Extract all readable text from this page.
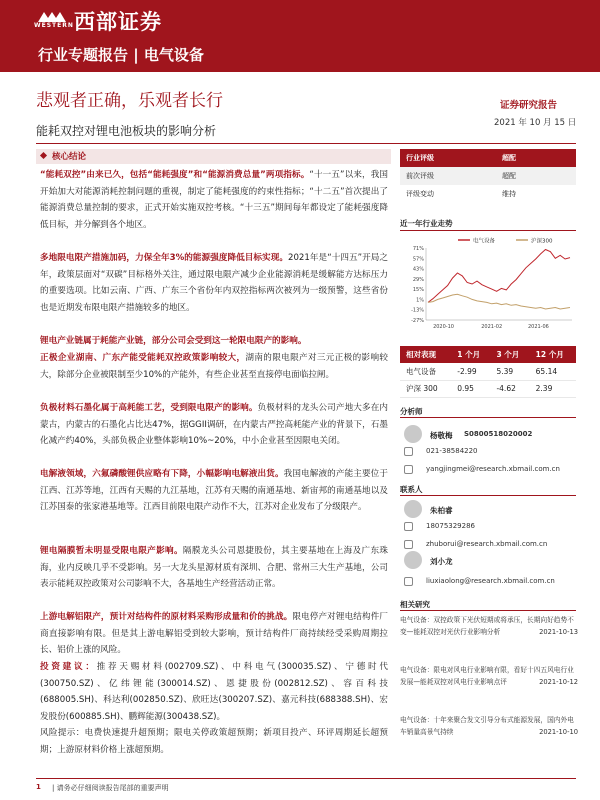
WESTERN 西部证券
行业专题报告 | 电气设备
悲观者正确，乐观者长行
能耗双控对锂电池板块的影响分析
证券研究报告
2021 年 10 月 15 日
核心结论
“能耗双控”由来已久，包括“能耗强度”和“能源消费总量”两项指标。“十一五”以来，我国开始加大对能源消耗控制问题的重视，制定了能耗强度的约束性指标；“十二五”首次提出了能源消费总量控制的要求，正式开始实施双控考核。“十三五”期间每年都设定了能耗强度降低目标，并分解到各个地区。
多地限电限产措施加码，力保全年3%的能源强度降低目标实现。2021年是“十四五”开局之年，政策层面对“双碳”目标格外关注，通过限电限产减少企业能源消耗是缓解能方达标压力的重要选项。比如云南、广西、广东三个省份年内双控指标两次被列为一级预警，这些省份也是近期发布限电限产措施较多的地区。
锂电产业链属于耗能产业链，部分公司会受到这一轮限电限产的影响。
正极企业湖南、广东产能受能耗双控政策影响较大，湖南的限电限产对三元正极的影响较大，除部分企业被限制至少10%的产能外，有些企业甚至直接停电面临拉闸。
负极材料石墨化属于高耗能工艺，受到限电限产的影响。负极材料的龙头公司产地大多在内蒙古，内蒙古的石墨化占比达47%，据GGII调研，在内蒙古严控高耗能产业的背景下，石墨化减产约40%，头部负极企业整体影响10%~20%，中小企业甚至因限电关闭。
电解液领域，六氟磷酸锂供应略有下降，小幅影响电解液出货。我国电解液的产能主要位于江西、江苏等地，江西有天赐的九江基地，江苏有天赐的南通基地、新宙邦的南通基地以及江苏国泰的张家港基地等。江西目前限电限产动作不大，江苏对企业发布了分级限产。
锂电隔膜暂未明显受限电限产影响。隔膜龙头公司恩捷股份，其主要基地在上海及广东珠海，业内反映几乎不受影响。另一大龙头星源材质有深圳、合肥、常州三大生产基地，公司表示能耗双控政策对公司影响不大，各基地生产经营活动正常。
上游电解铝限产，预计对结构件的原材料采购形成量和价的挑战。限电停产对锂电结构件厂商直接影响有限。但是其上游电解铝受到较大影响，预计结构件厂商持续经受采购周期拉长、铝价上涨的风险。
投资建议：推荐天赐材料(002709.SZ)、中科电气(300035.SZ)、宁德时代(300750.SZ)、亿纬锂能(300014.SZ)、恩捷股份(002812.SZ)、容百科技(688005.SH)、科达利(002850.SZ)、欣旺达(300207.SZ)、嘉元科技(688388.SH)、宏发股份(600885.SH)、鹏辉能源(300438.SZ)。
风险提示：电费快速提升超预期；限电关停政策超预期；新项目投产、环评周期延长超预期；上游原材料价格上涨超预期。
行业评级	超配
前次评级	超配
评级变动	维持
近一年行业走势
电气设备	沪深300
71%
57%
43%
29%
15%
1%
-13%
-27%
2020-10	2021-02	2021-06
相对表现	1 个月	3 个月	12 个月
电气设备	-2.99	5.39	65.14
沪深 300	0.95	-4.62	2.39
分析师
杨敬梅 S0800518020002
021-38584220
yangjingmei@research.xbmail.com.cn
联系人
朱柏睿
18075329286
zhuborui@research.xbmail.com.cn
刘小龙
liuxiaolong@research.xbmail.com.cn
相关研究
电气设备：双控政策下光伏短期或将承压，长期向好趋势不变—能耗双控对光伏行业影响分析	2021-10-13
电气设备：限电对风电行业影响有限，看好十四五风电行业发展—能耗双控对风电行业影响点评	2021-10-12
电气设备：十年来聚合发文引导分布式能源发展，国内外电车销量高景气持续	2021-10-10
1 | 请务必仔细阅读报告尾部的重要声明
